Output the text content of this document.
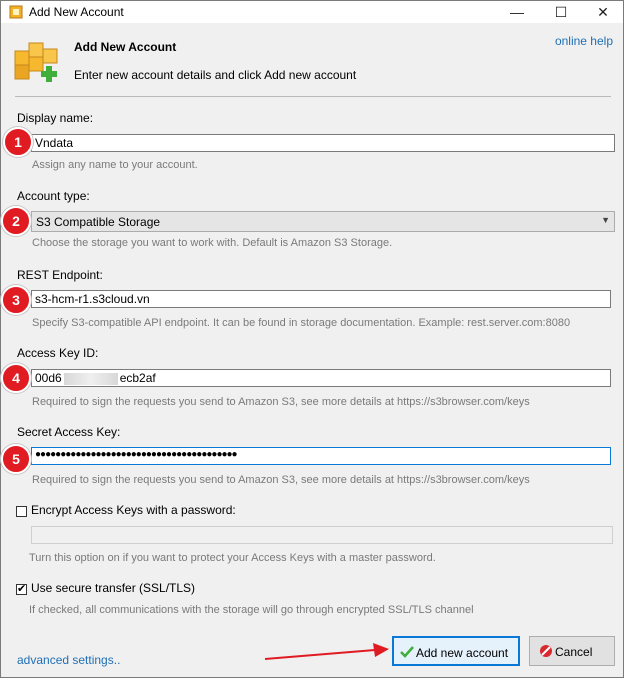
Add New Account	—	☐	✕
Add New Account
Enter new account details and click Add new account
online help
Display name:
Vndata
Assign any name to your account.
1
Account type:
S3 Compatible Storage	▼
Choose the storage you want to work with. Default is Amazon S3 Storage.
2
REST Endpoint:
s3-hcm-r1.s3cloud.vn
Specify S3-compatible API endpoint. It can be found in storage documentation. Example: rest.server.com:8080
3
Access Key ID:
00d6	ecb2af
Required to sign the requests you send to Amazon S3, see more details at https://s3browser.com/keys
4
Secret Access Key:
●●●●●●●●●●●●●●●●●●●●●●●●●●●●●●●●●●●●●●●●
Required to sign the requests you send to Amazon S3, see more details at https://s3browser.com/keys
5
Encrypt Access Keys with a password:
Turn this option on if you want to protect your Access Keys with a master password.
✔ Use secure transfer (SSL/TLS)
If checked, all communications with the storage will go through encrypted SSL/TLS channel
advanced settings..	Add new account	Cancel
